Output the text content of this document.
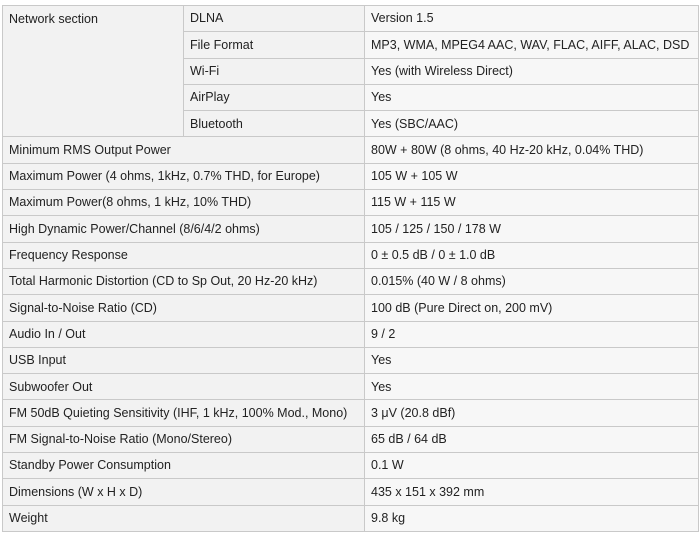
Network section	DLNA	Version 1.5
	File Format	MP3, WMA, MPEG4 AAC, WAV, FLAC, AIFF, ALAC, DSD
	Wi-Fi	Yes (with Wireless Direct)
	AirPlay	Yes
	Bluetooth	Yes (SBC/AAC)
Minimum RMS Output Power		80W + 80W (8 ohms, 40 Hz-20 kHz, 0.04% THD)
Maximum Power (4 ohms, 1kHz, 0.7% THD, for Europe)		105 W + 105 W
Maximum Power(8 ohms, 1 kHz, 10% THD)		115 W + 115 W
High Dynamic Power/Channel (8/6/4/2 ohms)		105 / 125 / 150 / 178 W
Frequency Response		0 ± 0.5 dB / 0 ± 1.0 dB
Total Harmonic Distortion (CD to Sp Out, 20 Hz-20 kHz)		0.015% (40 W / 8 ohms)
Signal-to-Noise Ratio (CD)		100 dB (Pure Direct on, 200 mV)
Audio In / Out		9 / 2
USB Input		Yes
Subwoofer Out		Yes
FM 50dB Quieting Sensitivity (IHF, 1 kHz, 100% Mod., Mono)		3 μV (20.8 dBf)
FM Signal-to-Noise Ratio (Mono/Stereo)		65 dB / 64 dB
Standby Power Consumption		0.1 W
Dimensions (W x H x D)		435 x 151 x 392 mm
Weight		9.8 kg
